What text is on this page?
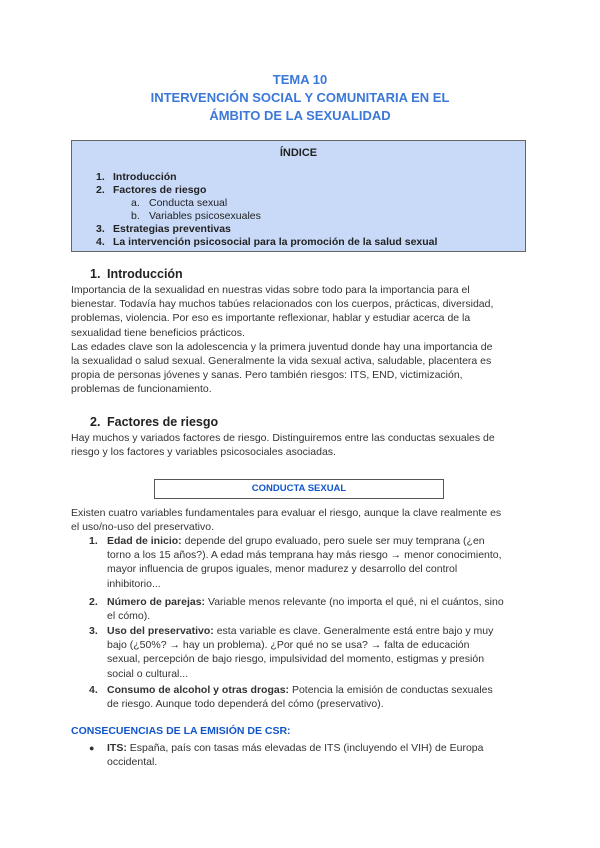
TEMA 10
INTERVENCIÓN SOCIAL Y COMUNITARIA EN EL
ÁMBITO DE LA SEXUALIDAD
ÍNDICE
1. Introducción
2. Factores de riesgo
a. Conducta sexual
b. Variables psicosexuales
3. Estrategias preventivas
4. La intervención psicosocial para la promoción de la salud sexual
1. Introducción
Importancia de la sexualidad en nuestras vidas sobre todo para la importancia para el
bienestar. Todavía hay muchos tabúes relacionados con los cuerpos, prácticas, diversidad,
problemas, violencia. Por eso es importante reflexionar, hablar y estudiar acerca de la
sexualidad tiene beneficios prácticos.
Las edades clave son la adolescencia y la primera juventud donde hay una importancia de
la sexualidad o salud sexual. Generalmente la vida sexual activa, saludable, placentera es
propia de personas jóvenes y sanas. Pero también riesgos: ITS, END, victimización,
problemas de funcionamiento.
2. Factores de riesgo
Hay muchos y variados factores de riesgo. Distinguiremos entre las conductas sexuales de
riesgo y los factores y variables psicosociales asociadas.
CONDUCTA SEXUAL
Existen cuatro variables fundamentales para evaluar el riesgo, aunque la clave realmente es
el uso/no-uso del preservativo.
1. Edad de inicio: depende del grupo evaluado, pero suele ser muy temprana (¿en
torno a los 15 años?). A edad más temprana hay más riesgo → menor conocimiento,
mayor influencia de grupos iguales, menor madurez y desarrollo del control
inhibitorio...
2. Número de parejas: Variable menos relevante (no importa el qué, ni el cuántos, sino
el cómo).
3. Uso del preservativo: esta variable es clave. Generalmente está entre bajo y muy
bajo (¿50%? → hay un problema). ¿Por qué no se usa? → falta de educación
sexual, percepción de bajo riesgo, impulsividad del momento, estigmas y presión
social o cultural...
4. Consumo de alcohol y otras drogas: Potencia la emisión de conductas sexuales
de riesgo. Aunque todo dependerá del cómo (preservativo).
CONSECUENCIAS DE LA EMISIÓN DE CSR:
● ITS: España, país con tasas más elevadas de ITS (incluyendo el VIH) de Europa
occidental.
